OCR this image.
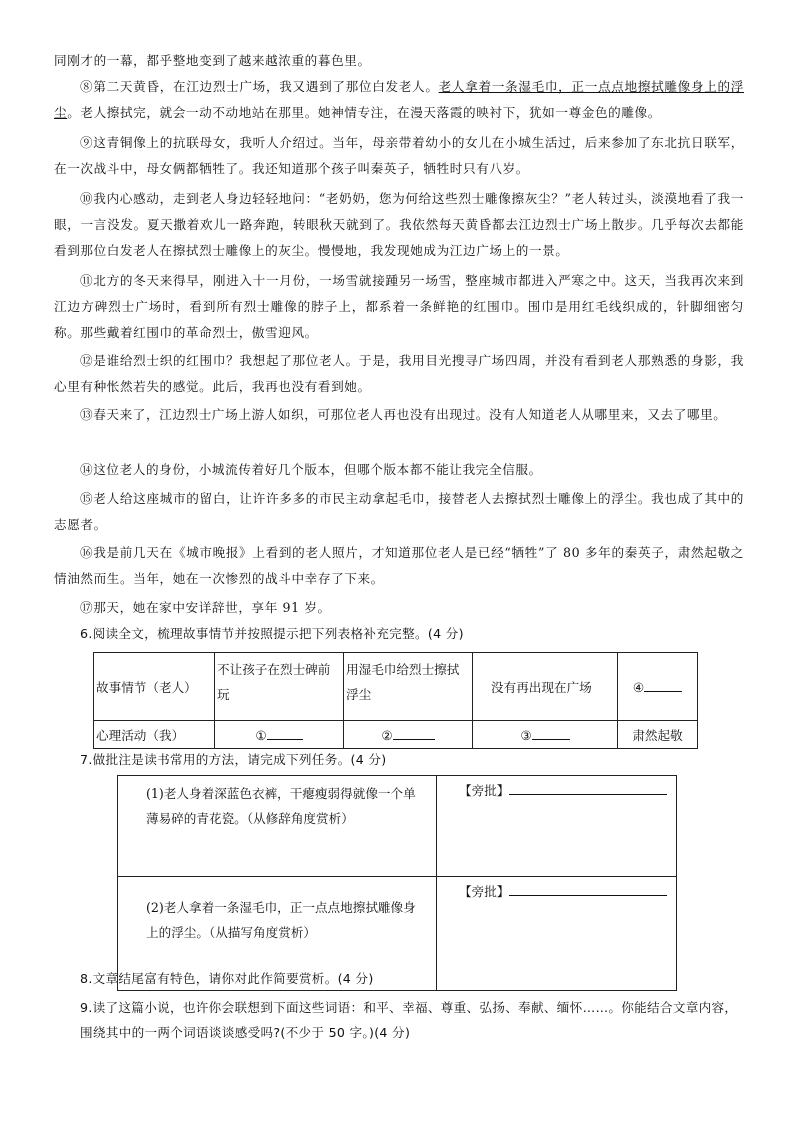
同刚才的一幕，都乎整地变到了越来越浓重的暮色里。

⑧第二天黄昏，在江边烈士广场，我又遇到了那位白发老人。老人拿着一条湿毛巾，正一点点地擦拭雕像身上的浮尘。老人擦拭完，就会一动不动地站在那里。她神情专注，在漫天落霞的映衬下，犹如一尊金色的雕像。

⑨这青铜像上的抗联母女，我听人介绍过。当年，母亲带着幼小的女儿在小城生活过，后来参加了东北抗日联军，在一次战斗中，母女俩都牺牲了。我还知道那个孩子叫秦英子，牺牲时只有八岁。

⑩我内心感动，走到老人身边轻轻地问：“老奶奶，您为何给这些烈士雕像擦灰尘？”老人转过头，淡漠地看了我一眼，一言没发。夏天撒着欢儿一路奔跑，转眼秋天就到了。我依然每天黄昏都去江边烈士广场上散步。几乎每次去都能看到那位白发老人在擦拭烈士雕像上的灰尘。慢慢地，我发现她成为江边广场上的一景。

⑪北方的冬天来得早，刚进入十一月份，一场雪就接踵另一场雪，整座城市都进入严寒之中。这天，当我再次来到江边方碑烈士广场时，看到所有烈士雕像的脖子上，都系着一条鲜艳的红围巾。围巾是用红毛线织成的，针脚细密匀称。那些戴着红围巾的革命烈士，傲雪迎风。

⑫是谁给烈士织的红围巾？我想起了那位老人。于是，我用目光搜寻广场四周，并没有看到老人那熟悉的身影，我心里有种怅然若失的感觉。此后，我再也没有看到她。

⑬春天来了，江边烈士广场上游人如织，可那位老人再也没有出现过。没有人知道老人从哪里来，又去了哪里。

⑭这位老人的身份，小城流传着好几个版本，但哪个版本都不能让我完全信服。

⑮老人给这座城市的留白，让许许多多的市民主动拿起毛巾，接替老人去擦拭烈士雕像上的浮尘。我也成了其中的志愿者。

⑯我是前几天在《城市晚报》上看到的老人照片，才知道那位老人是已经“牺牲”了 80 多年的秦英子，肃然起敬之情油然而生。当年，她在一次惨烈的战斗中幸存了下来。

⑰那天，她在家中安详辞世，享年 91 岁。

6.阅读全文，梳理故事情节并按照提示把下列表格补充完整。(4 分)

故事情节（老人）	不让孩子在烈士碑前玩	用湿毛巾给烈士擦拭浮尘	没有再出现在广场	④
心理活动（我）	①	②	③	肃然起敬

7.做批注是读书常用的方法，请完成下列任务。(4 分)

(1)老人身着深蓝色衣裤，干瘪瘦弱得就像一个单薄易碎的青花瓷。（从修辞角度赏析）	【旁批】
(2)老人拿着一条湿毛巾，正一点点地擦拭雕像身上的浮尘。（从描写角度赏析）	【旁批】

8.文章结尾富有特色，请你对此作简要赏析。(4 分)

9.读了这篇小说，也许你会联想到下面这些词语：和平、幸福、尊重、弘扬、奉献、缅怀……。你能结合文章内容，围绕其中的一两个词语谈谈感受吗?(不少于 50 字。)(4 分)
